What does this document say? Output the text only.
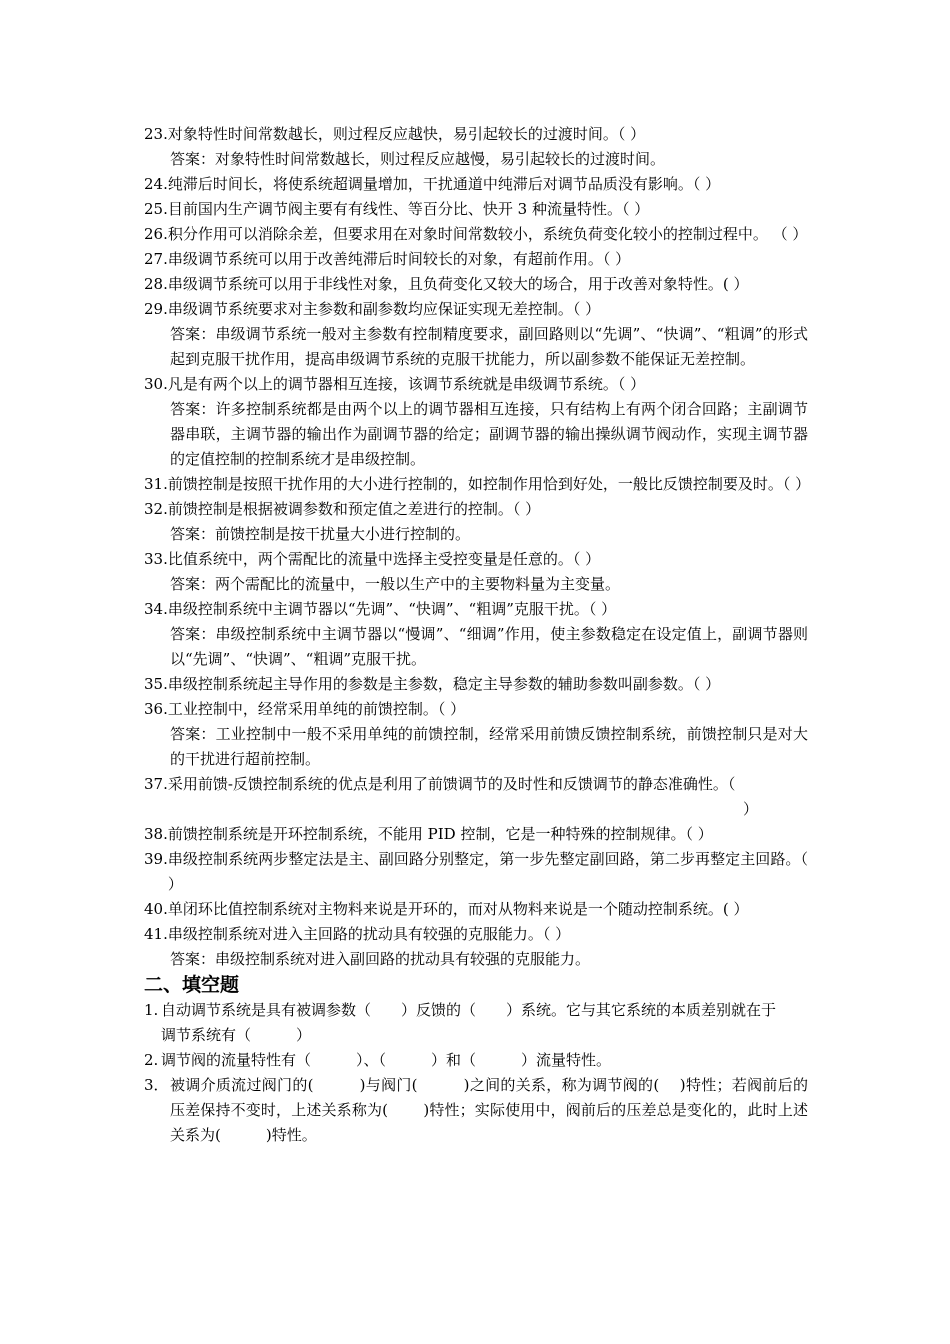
23. 对象特性时间常数越长，则过程反应越快，易引起较长的过渡时间。（ ）
答案：对象特性时间常数越长，则过程反应越慢，易引起较长的过渡时间。
24. 纯滞后时间长，将使系统超调量增加，干扰通道中纯滞后对调节品质没有影响。（ ）
25. 目前国内生产调节阀主要有有线性、等百分比、快开 3 种流量特性。（ ）
26. 积分作用可以消除余差，但要求用在对象时间常数较小，系统负荷变化较小的控制过程中。 （ ）
27. 串级调节系统可以用于改善纯滞后时间较长的对象，有超前作用。（ ）
28. 串级调节系统可以用于非线性对象，且负荷变化又较大的场合，用于改善对象特性。( ）
29. 串级调节系统要求对主参数和副参数均应保证实现无差控制。（ ）
答案：串级调节系统一般对主参数有控制精度要求，副回路则以“先调”、“快调”、“粗调”的形式起到克服干扰作用，提高串级调节系统的克服干扰能力，所以副参数不能保证无差控制。
30. 凡是有两个以上的调节器相互连接，该调节系统就是串级调节系统。（ ）
答案：许多控制系统都是由两个以上的调节器相互连接，只有结构上有两个闭合回路；主副调节器串联，主调节器的输出作为副调节器的给定；副调节器的输出操纵调节阀动作，实现主调节器的定值控制的控制系统才是串级控制。
31. 前馈控制是按照干扰作用的大小进行控制的，如控制作用恰到好处，一般比反馈控制要及时。（ ）
32. 前馈控制是根据被调参数和预定值之差进行的控制。（ ）
答案：前馈控制是按干扰量大小进行控制的。
33. 比值系统中，两个需配比的流量中选择主受控变量是任意的。（ ）
答案：两个需配比的流量中，一般以生产中的主要物料量为主变量。
34. 串级控制系统中主调节器以“先调”、“快调”、“粗调”克服干扰。（ ）
答案：串级控制系统中主调节器以“慢调”、“细调”作用，使主参数稳定在设定值上，副调节器则以“先调”、“快调”、“粗调”克服干扰。
35. 串级控制系统起主导作用的参数是主参数，稳定主导参数的辅助参数叫副参数。（ ）
36. 工业控制中，经常采用单纯的前馈控制。（ ）
答案：工业控制中一般不采用单纯的前馈控制，经常采用前馈反馈控制系统，前馈控制只是对大的干扰进行超前控制。
37. 采用前馈-反馈控制系统的优点是利用了前馈调节的及时性和反馈调节的静态准确性。（
）
38. 前馈控制系统是开环控制系统，不能用 PID 控制，它是一种特殊的控制规律。（ ）
39. 串级控制系统两步整定法是主、副回路分别整定，第一步先整定副回路，第二步再整定主回路。（ ）
40. 单闭环比值控制系统对主物料来说是开环的，而对从物料来说是一个随动控制系统。( ）
41. 串级控制系统对进入主回路的扰动具有较强的克服能力。（ ）
答案：串级控制系统对进入副回路的扰动具有较强的克服能力。
二、填空题
1. 自动调节系统是具有被调参数（　　）反馈的（　　）系统。它与其它系统的本质差别就在于
调节系统有（　　　）
2. 调节阀的流量特性有（　　　）、（　　　）和（　　　）流量特性。
3． 被调介质流过阀门的(　　　)与阀门(　　　)之间的关系，称为调节阀的(　 )特性；若阀前后的压差保持不变时，上述关系称为(　　 )特性；实际使用中，阀前后的压差总是变化的，此时上述关系为(　　　)特性。
